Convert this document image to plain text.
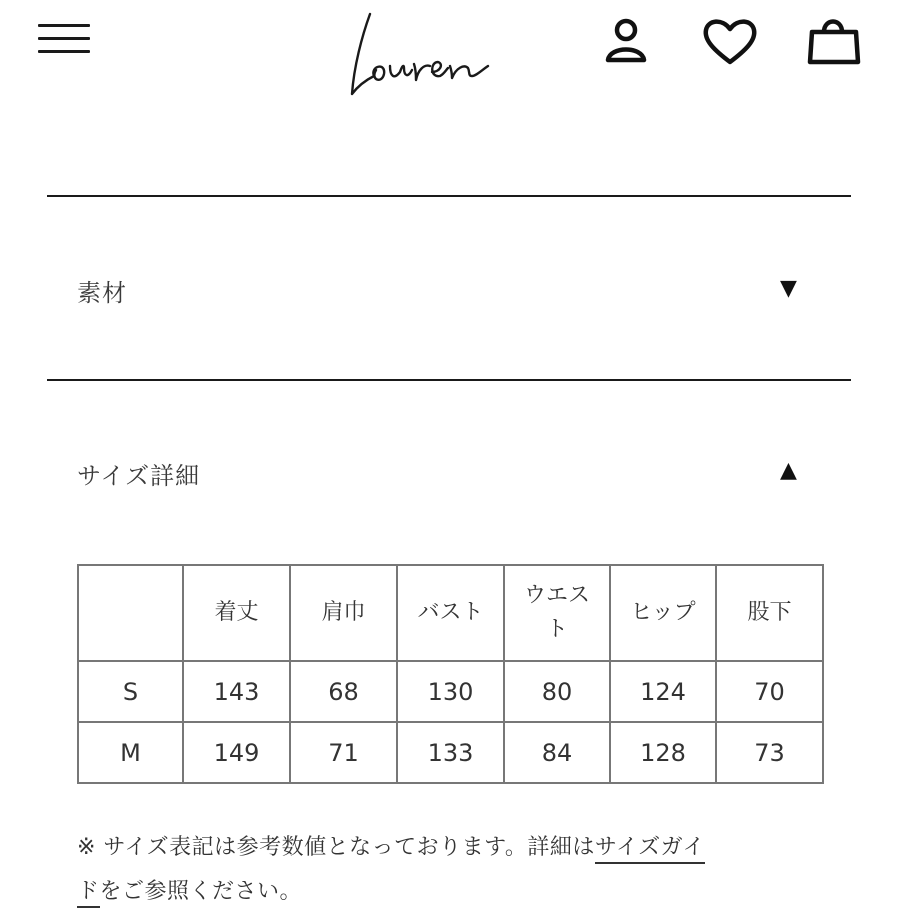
素材	▼
サイズ詳細	▲
	着丈	肩巾	バスト	ウエスト	ヒップ	股下
S	143	68	130	80	124	70
M	149	71	133	84	128	73
※ サイズ表記は参考数値となっております。詳細はサイズガイ
ドをご参照ください。
